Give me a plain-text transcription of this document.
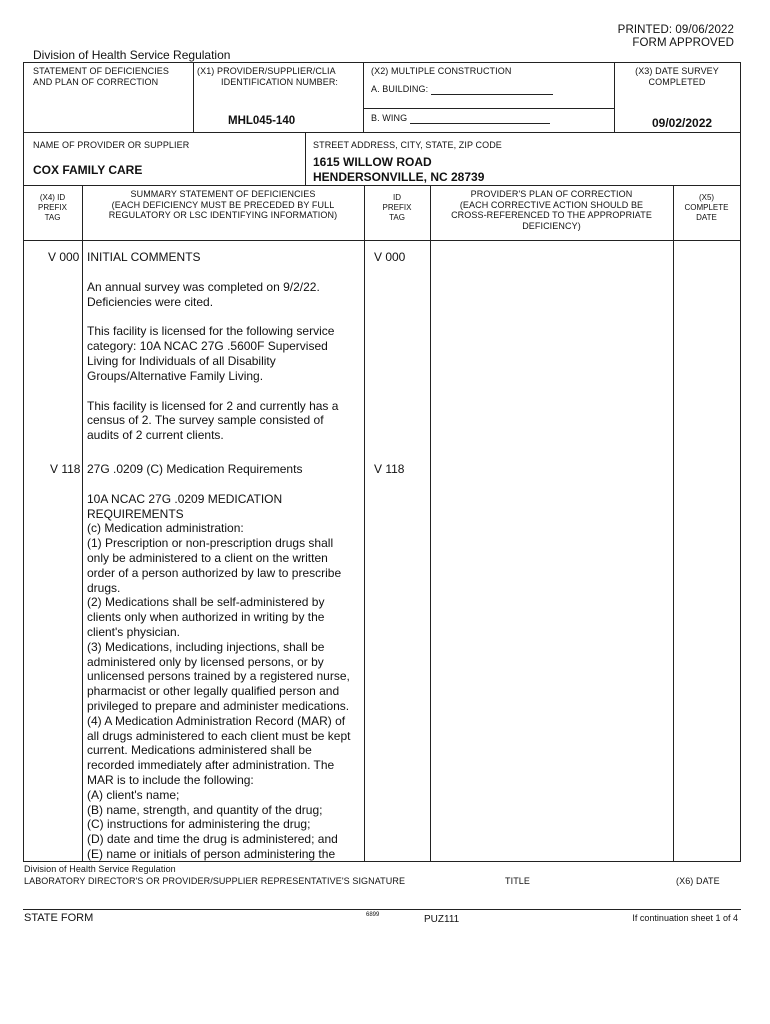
PRINTED: 09/06/2022
FORM APPROVED
Division of Health Service Regulation
STATEMENT OF DEFICIENCIES
AND PLAN OF CORRECTION
(X1) PROVIDER/SUPPLIER/CLIA
IDENTIFICATION NUMBER:
MHL045-140
(X2) MULTIPLE CONSTRUCTION
A. BUILDING:
B. WING
(X3) DATE SURVEY
COMPLETED
09/02/2022
NAME OF PROVIDER OR SUPPLIER
COX FAMILY CARE
STREET ADDRESS, CITY, STATE, ZIP CODE
1615 WILLOW ROAD
HENDERSONVILLE, NC 28739
(X4) ID
PREFIX
TAG
SUMMARY STATEMENT OF DEFICIENCIES
(EACH DEFICIENCY MUST BE PRECEDED BY FULL
REGULATORY OR LSC IDENTIFYING INFORMATION)
ID
PREFIX
TAG
PROVIDER'S PLAN OF CORRECTION
(EACH CORRECTIVE ACTION SHOULD BE
CROSS-REFERENCED TO THE APPROPRIATE
DEFICIENCY)
(X5)
COMPLETE
DATE
V 000	V 000
INITIAL COMMENTS
An annual survey was completed on 9/2/22.
Deficiencies were cited.
This facility is licensed for the following service
category: 10A NCAC 27G .5600F Supervised
Living for Individuals of all Disability
Groups/Alternative Family Living.
This facility is licensed for 2 and currently has a
census of 2. The survey sample consisted of
audits of 2 current clients.
V 118	V 118
27G .0209 (C) Medication Requirements
10A NCAC 27G .0209 MEDICATION
REQUIREMENTS
(c) Medication administration:
(1) Prescription or non-prescription drugs shall
only be administered to a client on the written
order of a person authorized by law to prescribe
drugs.
(2) Medications shall be self-administered by
clients only when authorized in writing by the
client's physician.
(3) Medications, including injections, shall be
administered only by licensed persons, or by
unlicensed persons trained by a registered nurse,
pharmacist or other legally qualified person and
privileged to prepare and administer medications.
(4) A Medication Administration Record (MAR) of
all drugs administered to each client must be kept
current. Medications administered shall be
recorded immediately after administration. The
MAR is to include the following:
(A) client's name;
(B) name, strength, and quantity of the drug;
(C) instructions for administering the drug;
(D) date and time the drug is administered; and
(E) name or initials of person administering the
Division of Health Service Regulation
LABORATORY DIRECTOR'S OR PROVIDER/SUPPLIER REPRESENTATIVE'S SIGNATURE	TITLE	(X6) DATE
STATE FORM	6899	PUZ111	If continuation sheet 1 of 4
